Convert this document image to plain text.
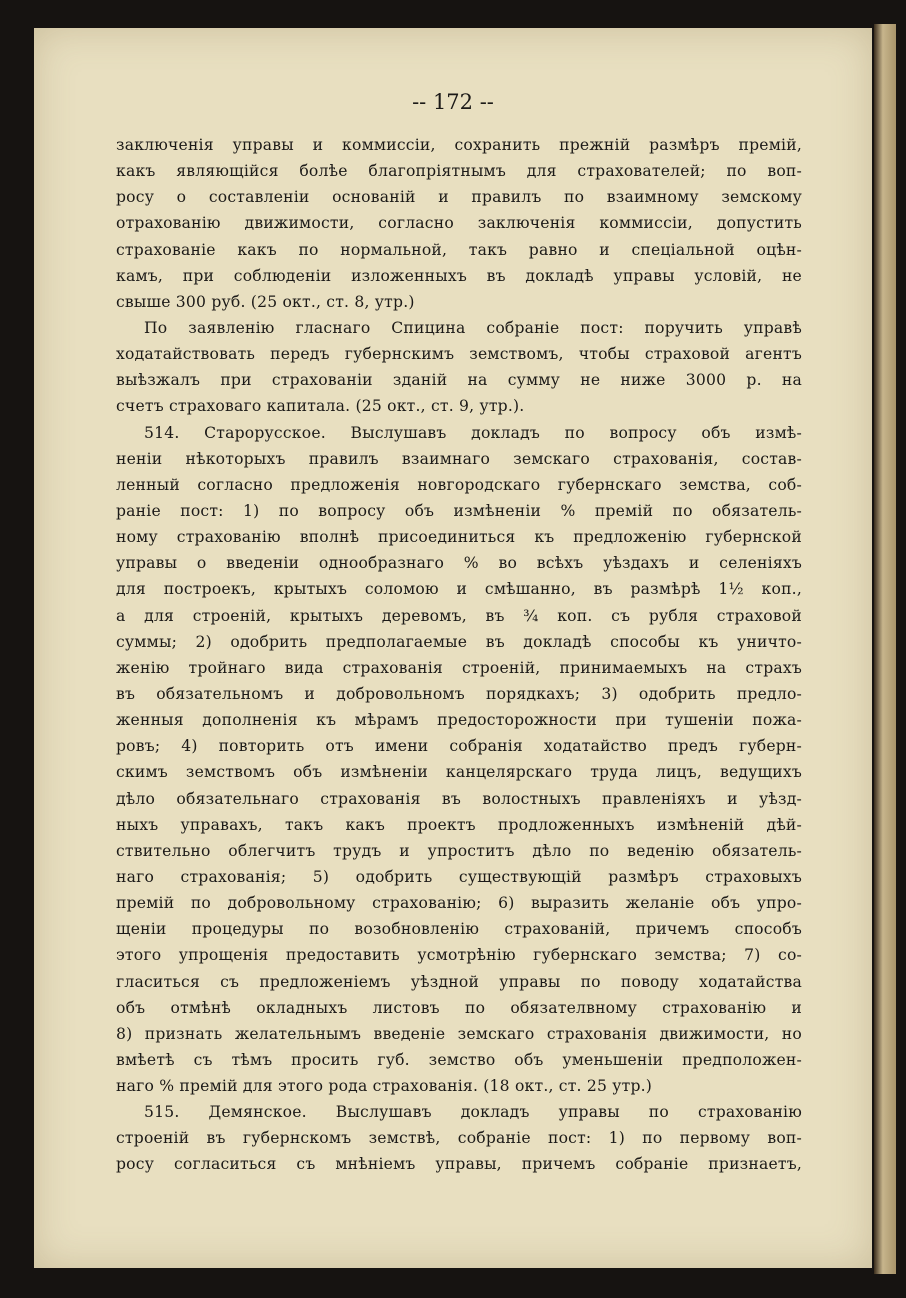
-- 172 --
заключенія управы и коммиссіи, сохранить прежній размѣръ премій,
какъ являющійся болѣе благопріятнымъ для страхователей; по воп-
росу о составленіи основаній и правилъ по взаимному земскому
отрахованію движимости, согласно заключенія коммиссіи, допустить
страхованіе какъ по нормальной, такъ равно и спеціальной оцѣн-
камъ, при соблюденіи изложенныхъ въ докладѣ управы условій, не
свыше 300 руб. (25 окт., ст. 8, утр.)
По заявленію гласнаго Спицина собраніе пост: поручить управѣ
ходатайствовать передъ губернскимъ земствомъ, чтобы страховой агентъ
выѣзжалъ при страхованіи зданій на сумму не ниже 3000 р. на
счетъ страховаго капитала. (25 окт., ст. 9, утр.).
514. Старорусское. Выслушавъ докладъ по вопросу объ измѣ-
неніи нѣкоторыхъ правилъ взаимнаго земскаго страхованія, состав-
ленный согласно предложенія новгородскаго губернскаго земства, соб-
раніе пост: 1) по вопросу объ измѣненіи % премій по обязатель-
ному страхованію вполнѣ присоединиться къ предложенію губернской
управы о введеніи однообразнаго % во всѣхъ уѣздахъ и селеніяхъ
для построекъ, крытыхъ соломою и смѣшанно, въ размѣрѣ 1½ коп.,
а для строеній, крытыхъ деревомъ, въ ¾ коп. съ рубля страховой
суммы; 2) одобрить предполагаемые въ докладѣ способы къ уничто-
женію тройнаго вида страхованія строеній, принимаемыхъ на страхъ
въ обязательномъ и добровольномъ порядкахъ; 3) одобрить предло-
женныя дополненія къ мѣрамъ предосторожности при тушеніи пожа-
ровъ; 4) повторить отъ имени собранія ходатайство предъ губерн-
скимъ земствомъ объ измѣненіи канцелярскаго труда лицъ, ведущихъ
дѣло обязательнаго страхованія въ волостныхъ правленіяхъ и уѣзд-
ныхъ управахъ, такъ какъ проектъ продложенныхъ измѣненій дѣй-
ствительно облегчитъ трудъ и упроститъ дѣло по веденію обязатель-
наго страхованія; 5) одобрить существующій размѣръ страховыхъ
премій по добровольному страхованію; 6) выразить желаніе объ упро-
щеніи процедуры по возобновленію страхованій, причемъ способъ
этого упрощенія предоставить усмотрѣнію губернскаго земства; 7) со-
гласиться съ предложеніемъ уѣздной управы по поводу ходатайства
объ отмѣнѣ окладныхъ листовъ по обязателвному страхованію и
8) признать желательнымъ введеніе земскаго страхованія движимости, но
вмѣетѣ съ тѣмъ просить губ. земство объ уменьшеніи предположен-
наго % премій для этого рода страхованія. (18 окт., ст. 25 утр.)
515. Демянское. Выслушавъ докладъ управы по страхованію
строеній въ губернскомъ земствѣ, собраніе пост: 1) по первому воп-
росу согласиться съ мнѣніемъ управы, причемъ собраніе признаетъ,
